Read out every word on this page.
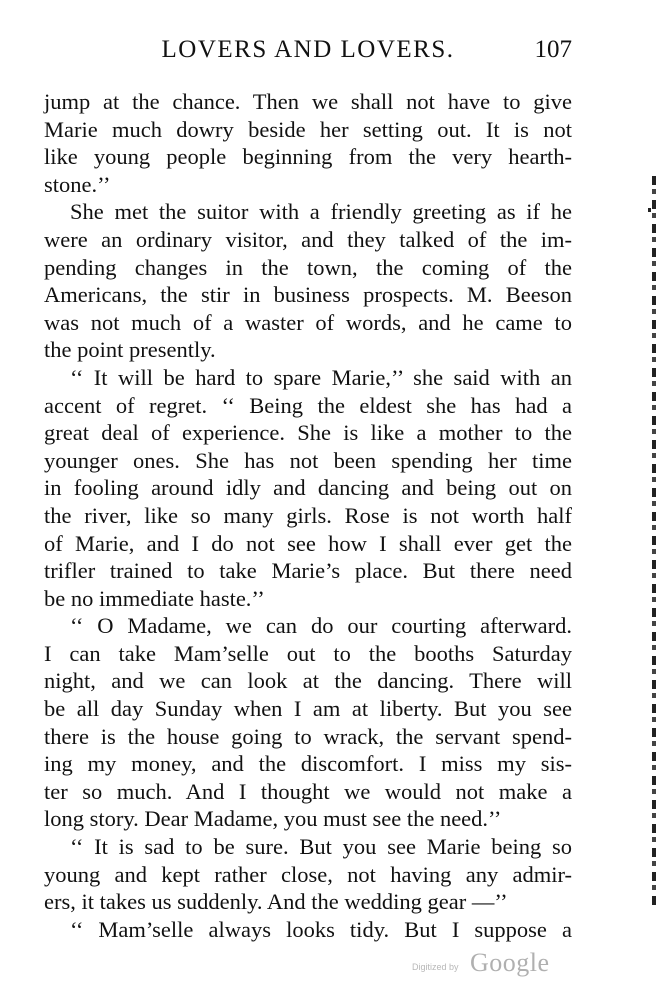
LOVERS AND LOVERS.	107
jump at the chance. Then we shall not have to give
Marie much dowry beside her setting out. It is not
like young people beginning from the very hearth-
stone.’’
She met the suitor with a friendly greeting as if he
were an ordinary visitor, and they talked of the im-
pending changes in the town, the coming of the
Americans, the stir in business prospects. M. Beeson
was not much of a waster of words, and he came to
the point presently.
‘‘ It will be hard to spare Marie,’’ she said with an
accent of regret. ‘‘ Being the eldest she has had a
great deal of experience. She is like a mother to the
younger ones. She has not been spending her time
in fooling around idly and dancing and being out on
the river, like so many girls. Rose is not worth half
of Marie, and I do not see how I shall ever get the
trifler trained to take Marie’s place. But there need
be no immediate haste.’’
‘‘ O Madame, we can do our courting afterward.
I can take Mam’selle out to the booths Saturday
night, and we can look at the dancing. There will
be all day Sunday when I am at liberty. But you see
there is the house going to wrack, the servant spend-
ing my money, and the discomfort. I miss my sis-
ter so much. And I thought we would not make a
long story. Dear Madame, you must see the need.’’
‘‘ It is sad to be sure. But you see Marie being so
young and kept rather close, not having any admir-
ers, it takes us suddenly. And the wedding gear —’’
‘‘ Mam’selle always looks tidy. But I suppose a
Digitized by Google
